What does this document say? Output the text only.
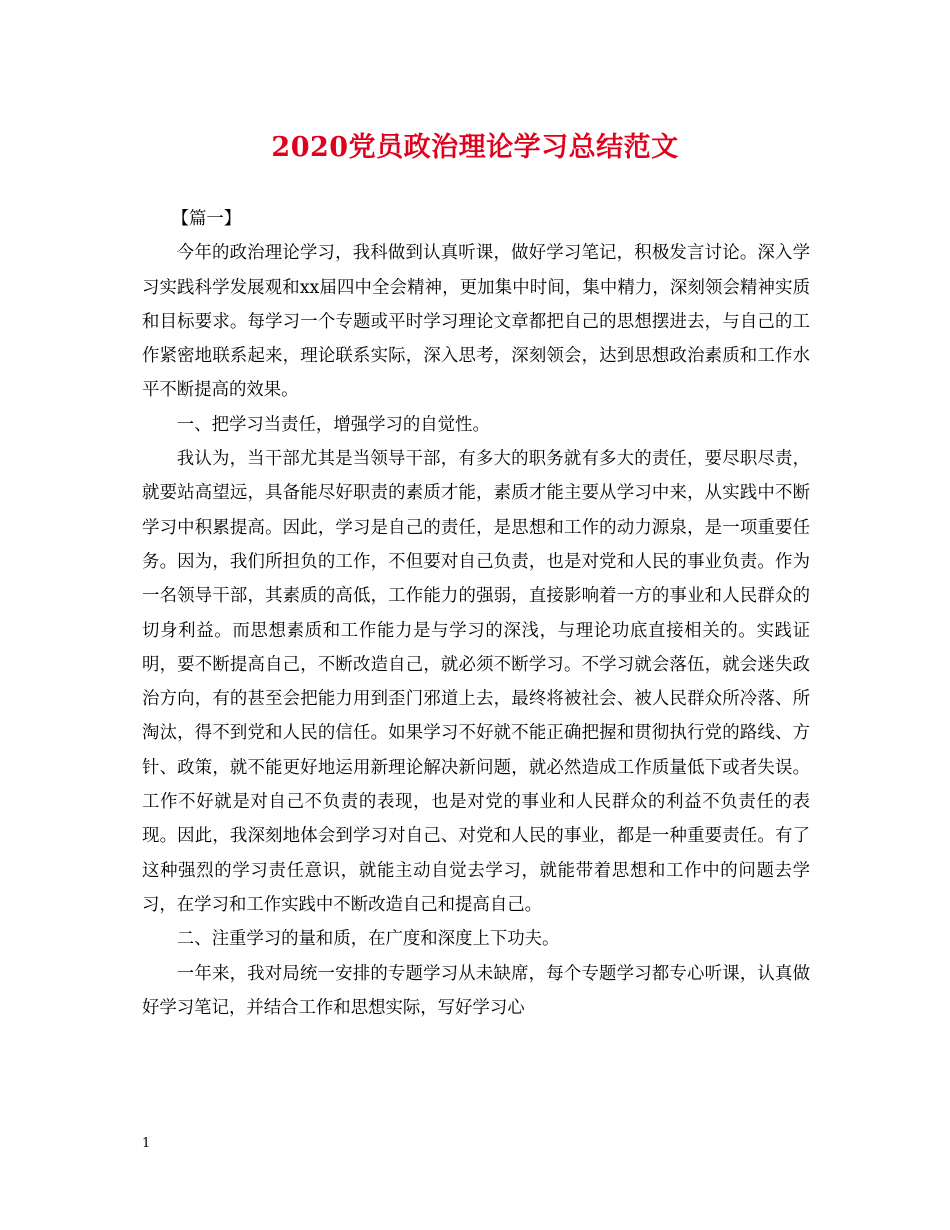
2020党员政治理论学习总结范文

【篇一】

今年的政治理论学习，我科做到认真听课，做好学习笔记，积极发言讨论。深入学习实践科学发展观和xx届四中全会精神，更加集中时间，集中精力，深刻领会精神实质和目标要求。每学习一个专题或平时学习理论文章都把自己的思想摆进去，与自己的工作紧密地联系起来，理论联系实际，深入思考，深刻领会，达到思想政治素质和工作水平不断提高的效果。

一、把学习当责任，增强学习的自觉性。

我认为，当干部尤其是当领导干部，有多大的职务就有多大的责任，要尽职尽责，就要站高望远，具备能尽好职责的素质才能，素质才能主要从学习中来，从实践中不断学习中积累提高。因此，学习是自己的责任，是思想和工作的动力源泉，是一项重要任务。因为，我们所担负的工作，不但要对自己负责，也是对党和人民的事业负责。作为一名领导干部，其素质的高低，工作能力的强弱，直接影响着一方的事业和人民群众的切身利益。而思想素质和工作能力是与学习的深浅，与理论功底直接相关的。实践证明，要不断提高自己，不断改造自己，就必须不断学习。不学习就会落伍，就会迷失政治方向，有的甚至会把能力用到歪门邪道上去，最终将被社会、被人民群众所冷落、所淘汰，得不到党和人民的信任。如果学习不好就不能正确把握和贯彻执行党的路线、方针、政策，就不能更好地运用新理论解决新问题，就必然造成工作质量低下或者失误。工作不好就是对自己不负责的表现，也是对党的事业和人民群众的利益不负责任的表现。因此，我深刻地体会到学习对自己、对党和人民的事业，都是一种重要责任。有了这种强烈的学习责任意识，就能主动自觉去学习，就能带着思想和工作中的问题去学习，在学习和工作实践中不断改造自己和提高自己。

二、注重学习的量和质，在广度和深度上下功夫。

一年来，我对局统一安排的专题学习从未缺席，每个专题学习都专心听课，认真做好学习笔记，并结合工作和思想实际，写好学习心

1
